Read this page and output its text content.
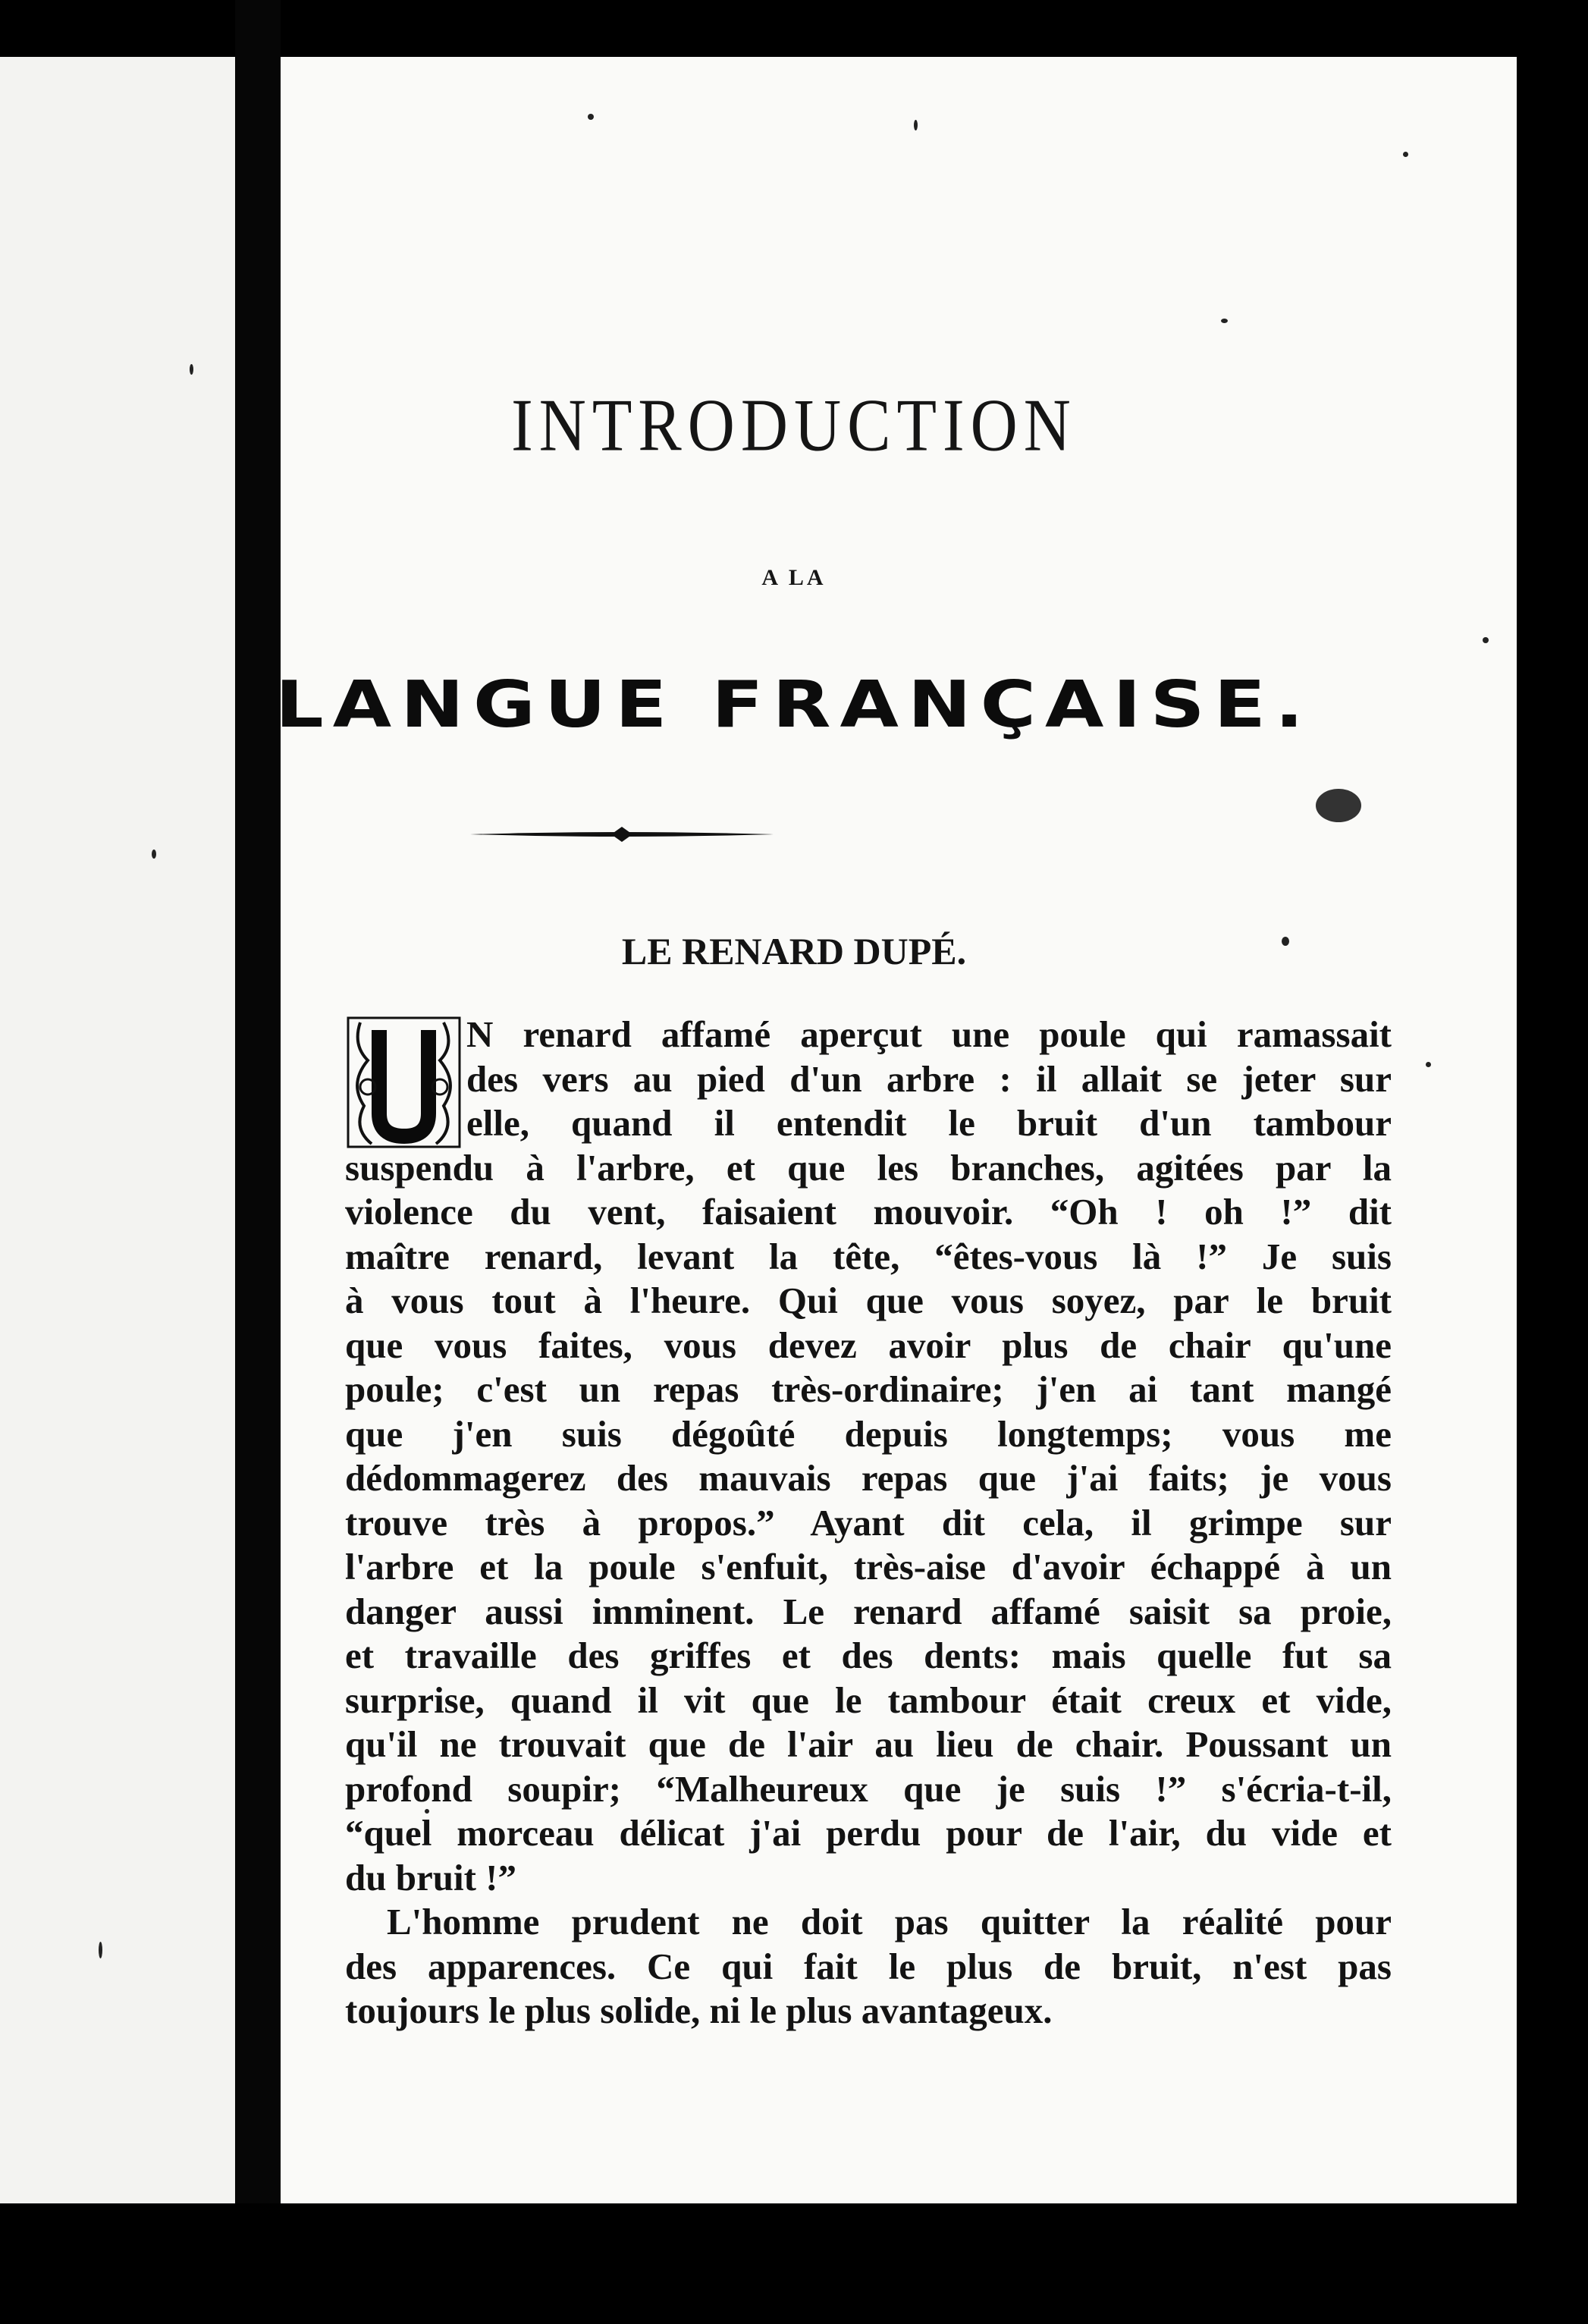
INTRODUCTION
A LA
LANGUE FRANÇAISE.
LE RENARD DUPÉ.
N renard affamé aperçut une poule qui ramassait
des vers au pied d'un arbre : il allait se jeter sur
elle, quand il entendit le bruit d'un tambour
suspendu à l'arbre, et que les branches, agitées par la
violence du vent, faisaient mouvoir. “Oh ! oh !” dit
maître renard, levant la tête, “êtes-vous là !” Je suis
à vous tout à l'heure. Qui que vous soyez, par le bruit
que vous faites, vous devez avoir plus de chair qu'une
poule; c'est un repas très-ordinaire; j'en ai tant mangé
que j'en suis dégoûté depuis longtemps; vous me
dédommagerez des mauvais repas que j'ai faits; je vous
trouve très à propos.” Ayant dit cela, il grimpe sur
l'arbre et la poule s'enfuit, très-aise d'avoir échappé à un
danger aussi imminent. Le renard affamé saisit sa proie,
et travaille des griffes et des dents: mais quelle fut sa
surprise, quand il vit que le tambour était creux et vide,
qu'il ne trouvait que de l'air au lieu de chair. Poussant un
profond soupir; “Malheureux que je suis !” s'écria-t-il,
“quel morceau délicat j'ai perdu pour de l'air, du vide et
du bruit !”
L'homme prudent ne doit pas quitter la réalité pour
des apparences. Ce qui fait le plus de bruit, n'est pas
toujours le plus solide, ni le plus avantageux.
